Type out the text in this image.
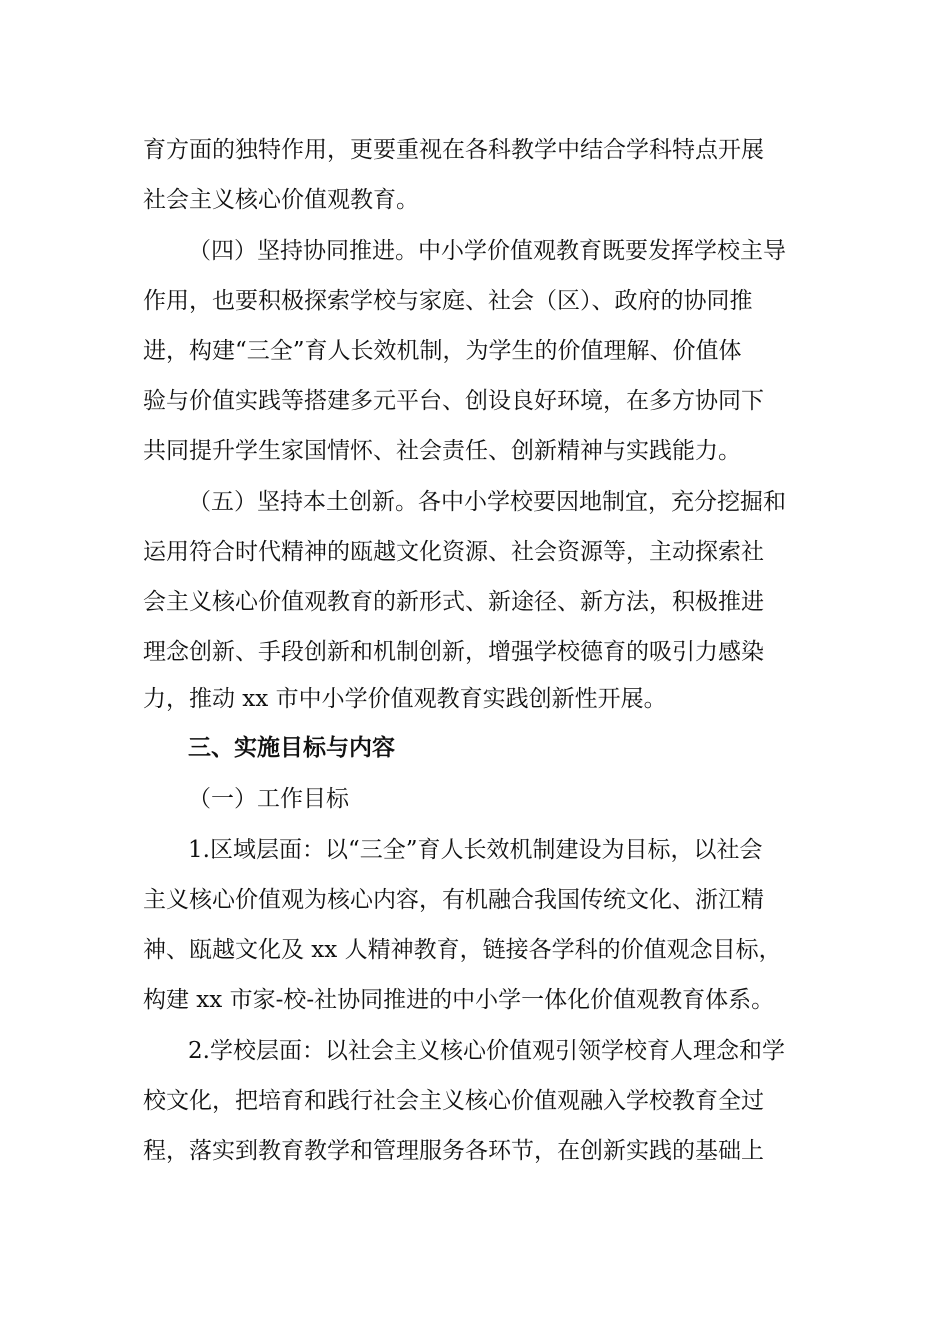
育方面的独特作用，更要重视在各科教学中结合学科特点开展
社会主义核心价值观教育。
（四）坚持协同推进。中小学价值观教育既要发挥学校主导
作用，也要积极探索学校与家庭、社会（区）、政府的协同推
进，构建“三全”育人长效机制，为学生的价值理解、价值体
验与价值实践等搭建多元平台、创设良好环境，在多方协同下
共同提升学生家国情怀、社会责任、创新精神与实践能力。
（五）坚持本土创新。各中小学校要因地制宜，充分挖掘和
运用符合时代精神的瓯越文化资源、社会资源等，主动探索社
会主义核心价值观教育的新形式、新途径、新方法，积极推进
理念创新、手段创新和机制创新，增强学校德育的吸引力感染
力，推动 xx 市中小学价值观教育实践创新性开展。
三、实施目标与内容
（一）工作目标
1.区域层面：以“三全”育人长效机制建设为目标，以社会
主义核心价值观为核心内容，有机融合我国传统文化、浙江精
神、瓯越文化及 xx 人精神教育，链接各学科的价值观念目标，
构建 xx 市家-校-社协同推进的中小学一体化价值观教育体系。
2.学校层面：以社会主义核心价值观引领学校育人理念和学
校文化，把培育和践行社会主义核心价值观融入学校教育全过
程，落实到教育教学和管理服务各环节，在创新实践的基础上
